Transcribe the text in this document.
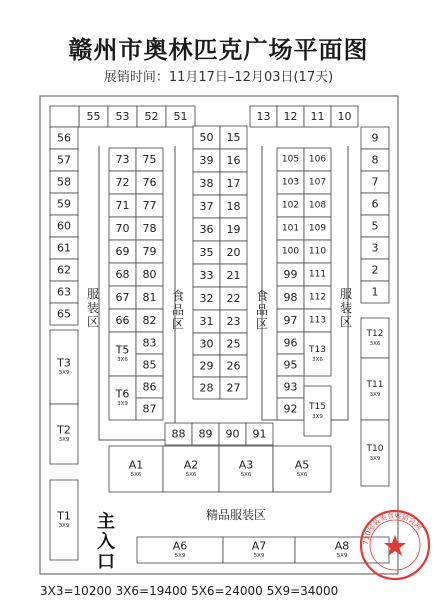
赣州市奥林匹克广场平面图
展销时间：11月17日–12月03日(17天)
55 53 52 51	13 12 11 10
56
57
58
59
60
61
62
63
65
T3
3X9
T2
3X9
T1
3X9
9
8
7
6
5
3
2
1
T12
3X6
T11
3X9
T10
3X9
73 75
72 76
71 77
70 78
69 79
68 80
67 81
66 82
T5
3X6
83
85
T6
3X9
86
87
50 15
39 16
38 17
37 18
36 19
35 20
33 21
32 22
31 23
30 25
29 26
28 27
105 106
103 107
102 108
101 109
100 110
99 111
98 112
97 113
96
T13
3X6
95
93
92 T15
3X9
88 89 90 91
A1
5X6
A2
5X6
A3
5X6
A5
5X6
A6
5X9
A7
5X9
A8
5X9
服装区
食品区
食品区
服装区
精品服装区
主
入
口
3X3=10200 3X6=19400 5X6=24000 5X9=34000
710屋装美食展销会网
